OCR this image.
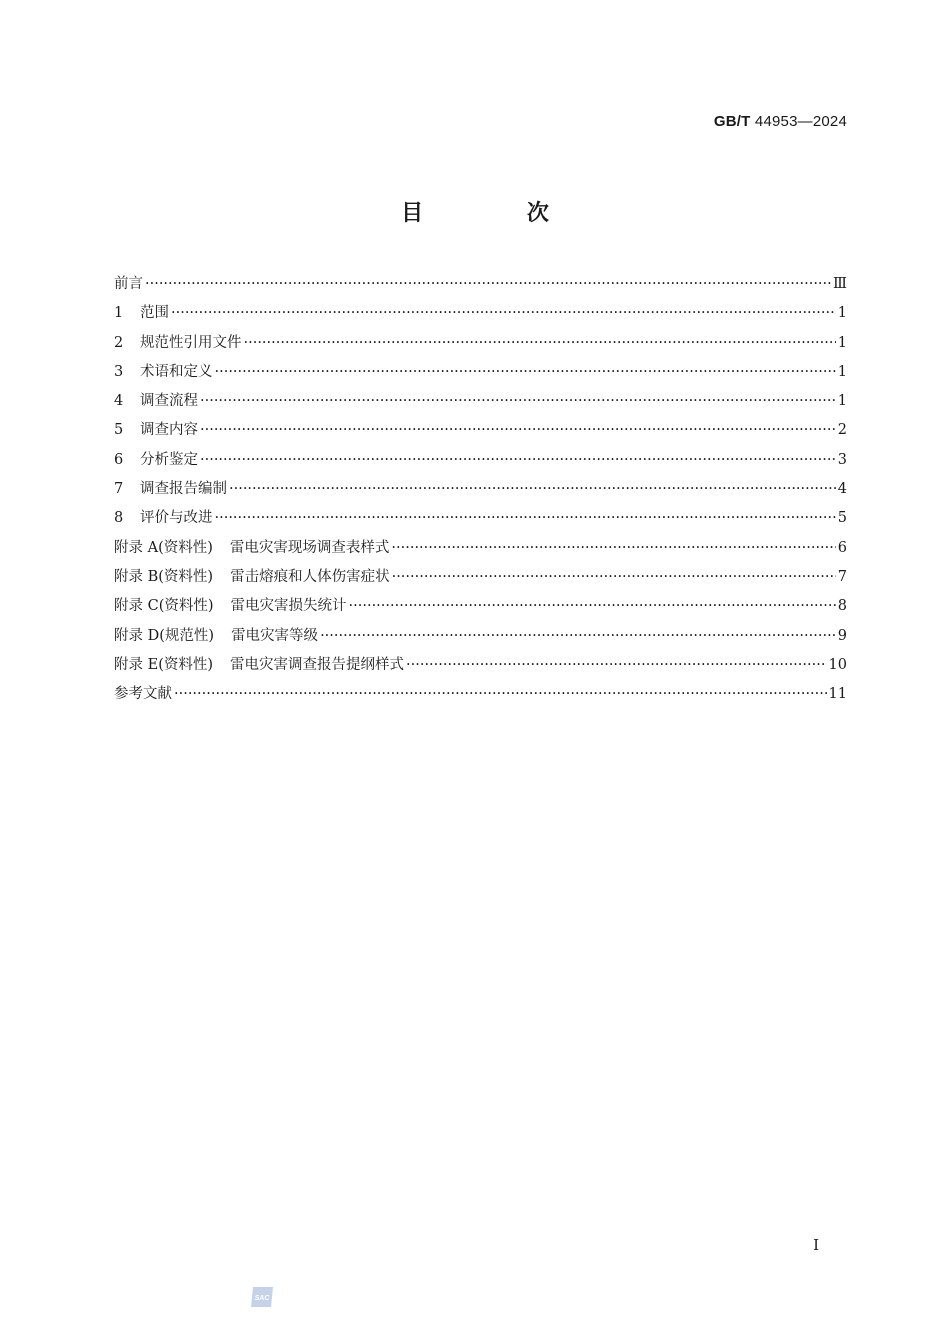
GB/T 44953—2024
目 次
前言 ·····	Ⅲ
1 范围 ·····	1
2 规范性引用文件 ·····	1
3 术语和定义 ·····	1
4 调查流程 ·····	1
5 调查内容 ·····	2
6 分析鉴定 ·····	3
7 调查报告编制 ·····	4
8 评价与改进 ·····	5
附录 A(资料性) 雷电灾害现场调查表样式 ·····	6
附录 B(资料性) 雷击熔痕和人体伤害症状 ·····	7
附录 C(资料性) 雷电灾害损失统计 ·····	8
附录 D(规范性) 雷电灾害等级 ·····	9
附录 E(资料性) 雷电灾害调查报告提纲样式 ·····	10
参考文献 ·····	11
Ⅰ
SAC
